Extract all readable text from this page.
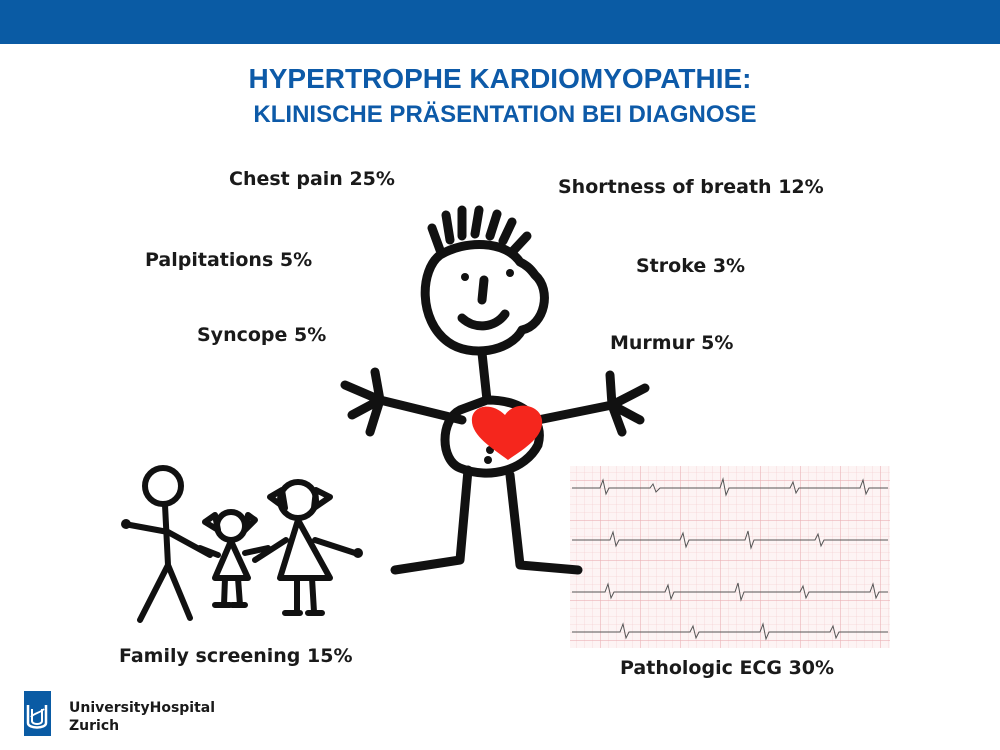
HYPERTROPHE KARDIOMYOPATHIE:
KLINISCHE PRÄSENTATION BEI DIAGNOSE
Chest pain 25%
Palpitations 5%
Syncope 5%
Shortness of breath 12%
Stroke 3%
Murmur 5%
Family screening 15%
Pathologic ECG 30%
UniversityHospital
Zurich
